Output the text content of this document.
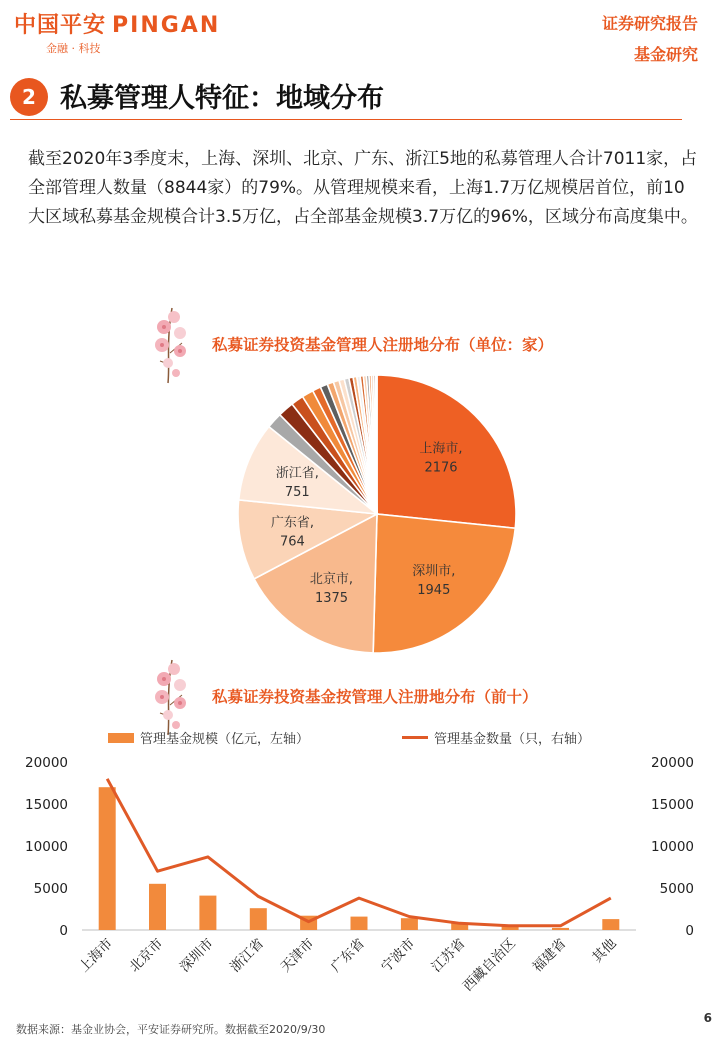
中国平安 PINGAN
金融 · 科技
证券研究报告
基金研究
2 私募管理人特征：地域分布
截至2020年3季度末，上海、深圳、北京、广东、浙江5地的私募管理人合计7011家，占全部管理人数量（8844家）的79%。从管理规模来看，上海1.7万亿规模居首位，前10大区域私募基金规模合计3.5万亿，占全部基金规模3.7万亿的96%，区域分布高度集中。
私募证券投资基金管理人注册地分布（单位：家）
上海市,
2176
深圳市,
1945
北京市,
1375
广东省,
764
浙江省,
751
私募证券投资基金按管理人注册地分布（前十）
管理基金规模（亿元，左轴）	管理基金数量（只，右轴）
0	0
5000	5000
10000	10000
15000	15000
20000	20000
上海市 北京市 深圳市 浙江省 天津市 广东省 宁波市 江苏省
西藏自治区 福建省 其他
数据来源：基金业协会，平安证券研究所。数据截至2020/9/30
6
